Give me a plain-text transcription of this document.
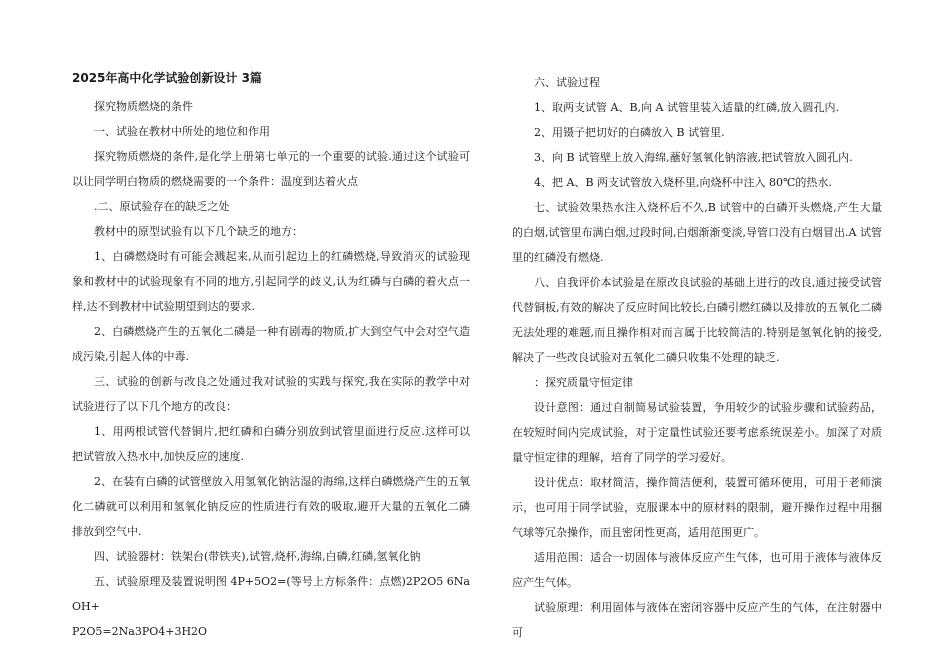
2025年高中化学试验创新设计 3篇

探究物质燃烧的条件

一、试验在教材中所处的地位和作用

探究物质燃烧的条件,是化学上册第七单元的一个重要的试验.通过这个试验可以让同学明白物质的燃烧需要的一个条件：温度到达着火点

.二、原试验存在的缺乏之处

教材中的原型试验有以下几个缺乏的地方：

1、白磷燃烧时有可能会溅起来,从而引起边上的红磷燃烧,导致消灭的试验现象和教材中的试验现象有不同的地方,引起同学的歧义,认为红磷与白磷的着火点一样,达不到教材中试验期望到达的要求.

2、白磷燃烧产生的五氧化二磷是一种有剧毒的物质,扩大到空气中会对空气造成污染,引起人体的中毒.

三、试验的创新与改良之处通过我对试验的实践与探究,我在实际的教学中对试验进行了以下几个地方的改良：

1、用两根试管代替铜片,把红磷和白磷分别放到试管里面进行反应.这样可以把试管放入热水中,加快反应的速度.

2、在装有白磷的试管壁放入用氢氧化钠沾湿的海绵,这样白磷燃烧产生的五氧化二磷就可以利用和氢氧化钠反应的性质进行有效的吸取,避开大量的五氧化二磷排放到空气中.

四、试验器材：铁架台(带铁夹),试管,烧杯,海绵,白磷,红磷,氢氧化钠

五、试验原理及装置说明图 4P+5O2=(等号上方标条件：点燃)2P2O5 6NaOH+

P2O5=2Na3PO4+3H2O

六、试验过程

1、取两支试管 A、B,向 A 试管里装入适量的红磷,放入圆孔内.

2、用镊子把切好的白磷放入 B 试管里.

3、向 B 试管壁上放入海绵,蘸好氢氧化钠溶液,把试管放入圆孔内.

4、把 A、B 两支试管放入烧杯里,向烧杯中注入 80℃的热水.

七、试验效果热水注入烧杯后不久,B 试管中的白磷开头燃烧,产生大量的白烟,试管里布满白烟,过段时间,白烟渐渐变淡,导管口没有白烟冒出.A 试管里的红磷没有燃烧.

八、自我评价本试验是在原改良试验的基础上进行的改良,通过接受试管代替铜板,有效的解决了反应时间比较长,白磷引燃红磷以及排放的五氧化二磷无法处理的难题,而且操作相对而言属于比较简洁的.特别是氢氧化钠的接受,解决了一些改良试验对五氧化二磷只收集不处理的缺乏.

：探究质量守恒定律

设计意图：通过自制简易试验装置，争用较少的试验步骤和试验药品，在较短时间内完成试验，对于定量性试验还要考虑系统误差小。加深了对质量守恒定律的理解，培育了同学的学习爱好。

设计优点：取材简洁，操作简洁便利，装置可循环使用，可用于老师演示，也可用于同学试验，克服课本中的原材料的限制，避开操作过程中用捆气球等冗杂操作，而且密闭性更高，适用范围更广。

适用范围：适合一切固体与液体反应产生气体，也可用于液体与液体反应产生气体。

试验原理：利用固体与液体在密闭容器中反应产生的气体，在注射器中可
